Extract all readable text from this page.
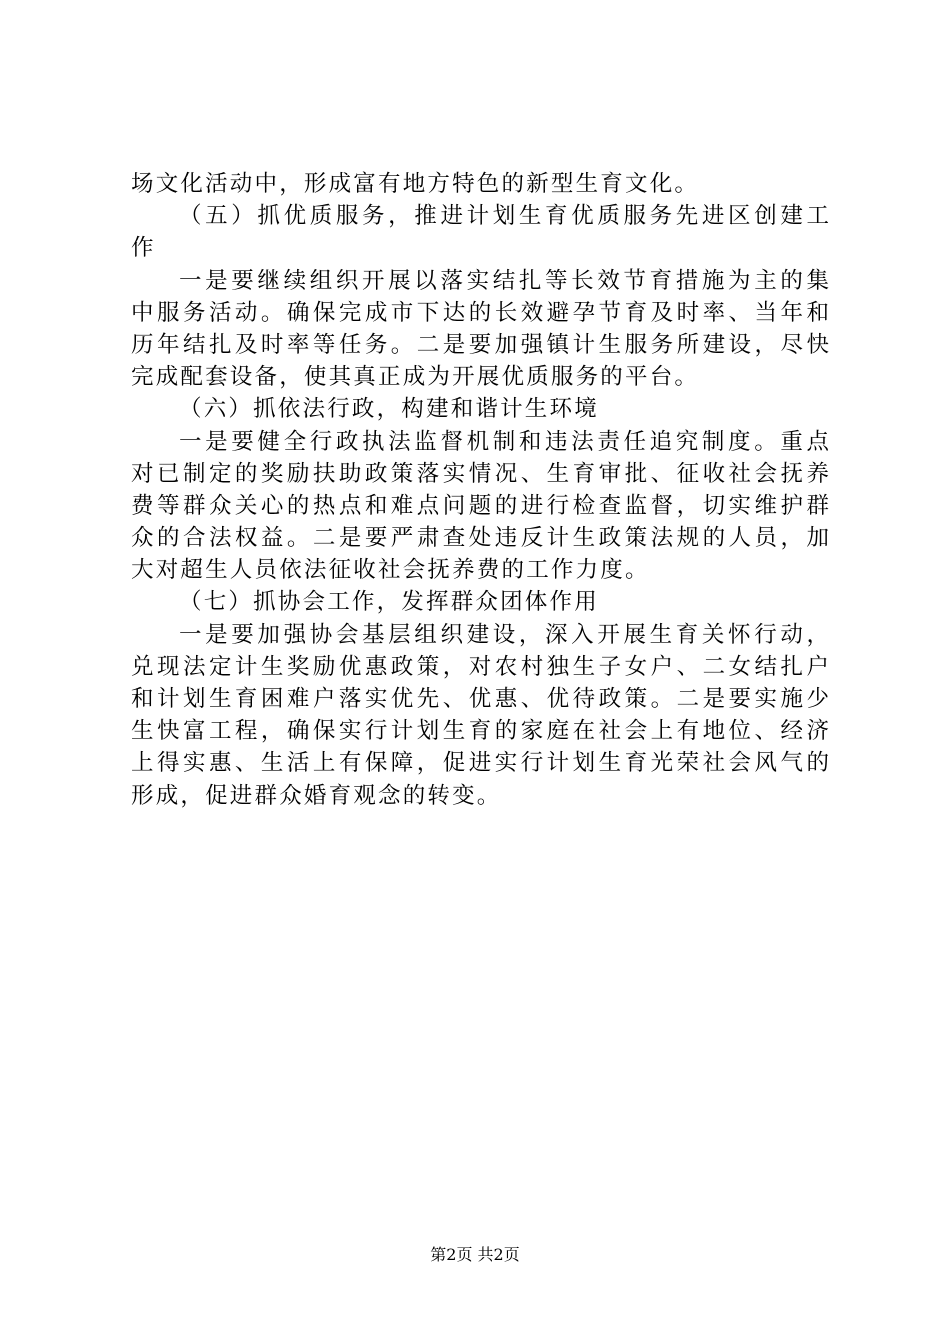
场文化活动中，形成富有地方特色的新型生育文化。
（五）抓优质服务，推进计划生育优质服务先进区创建工
作
一是要继续组织开展以落实结扎等长效节育措施为主的集
中服务活动。确保完成市下达的长效避孕节育及时率、当年和
历年结扎及时率等任务。二是要加强镇计生服务所建设，尽快
完成配套设备，使其真正成为开展优质服务的平台。
（六）抓依法行政，构建和谐计生环境
一是要健全行政执法监督机制和违法责任追究制度。重点
对已制定的奖励扶助政策落实情况、生育审批、征收社会抚养
费等群众关心的热点和难点问题的进行检查监督，切实维护群
众的合法权益。二是要严肃查处违反计生政策法规的人员，加
大对超生人员依法征收社会抚养费的工作力度。
（七）抓协会工作，发挥群众团体作用
一是要加强协会基层组织建设，深入开展生育关怀行动，
兑现法定计生奖励优惠政策，对农村独生子女户、二女结扎户
和计划生育困难户落实优先、优惠、优待政策。二是要实施少
生快富工程，确保实行计划生育的家庭在社会上有地位、经济
上得实惠、生活上有保障，促进实行计划生育光荣社会风气的
形成，促进群众婚育观念的转变。
第2页 共2页
